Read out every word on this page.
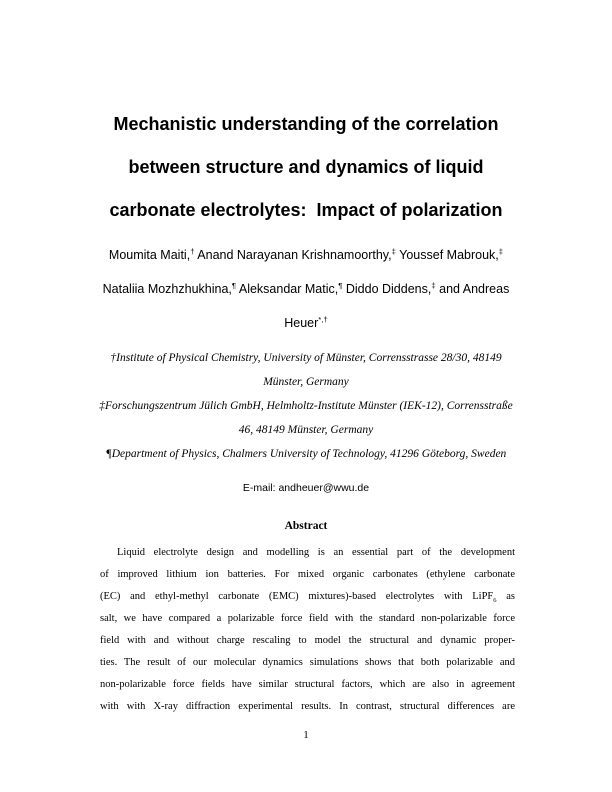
Mechanistic understanding of the correlation
between structure and dynamics of liquid
carbonate electrolytes:  Impact of polarization
Moumita Maiti,† Anand Narayanan Krishnamoorthy,‡ Youssef Mabrouk,‡
Nataliia Mozhzhukhina,¶ Aleksandar Matic,¶ Diddo Diddens,‡ and Andreas
Heuer*,†
†Institute of Physical Chemistry, University of Münster, Corrensstrasse 28/30, 48149
Münster, Germany
‡Forschungszentrum Jülich GmbH, Helmholtz-Institute Münster (IEK-12), Corrensstraße
46, 48149 Münster, Germany
¶Department of Physics, Chalmers University of Technology, 41296 Göteborg, Sweden
E-mail: andheuer@wwu.de
Abstract
Liquid electrolyte design and modelling is an essential part of the development
of improved lithium ion batteries. For mixed organic carbonates (ethylene carbonate
(EC) and ethyl-methyl carbonate (EMC) mixtures)-based electrolytes with LiPF$_6$ as
salt, we have compared a polarizable force field with the standard non-polarizable force
field with and without charge rescaling to model the structural and dynamic proper-
ties. The result of our molecular dynamics simulations shows that both polarizable and
non-polarizable force fields have similar structural factors, which are also in agreement
with with X-ray diffraction experimental results. In contrast, structural differences are
1
